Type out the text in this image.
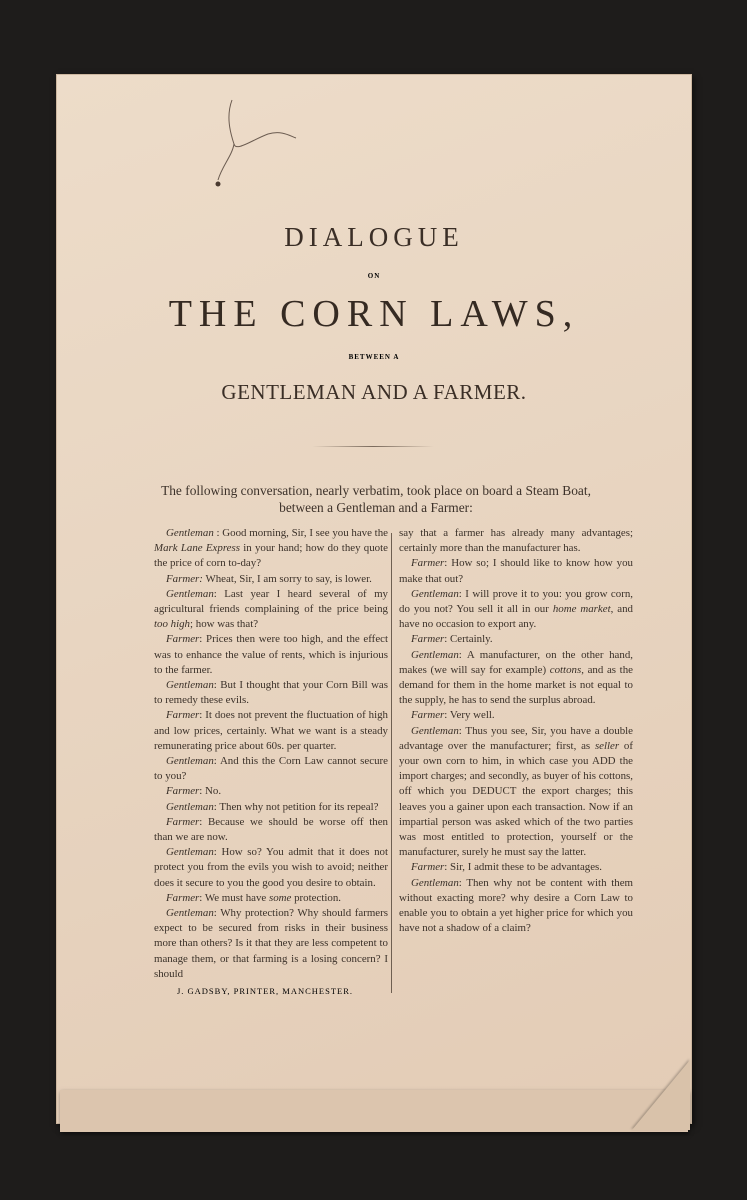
DIALOGUE
ON
THE CORN LAWS,
BETWEEN A
GENTLEMAN AND A FARMER.
The following conversation, nearly verbatim, took place on board a Steam Boat, between a Gentleman and a Farmer:

Gentleman : Good morning, Sir, I see you have the Mark Lane Express in your hand; how do they quote the price of corn to-day?

Farmer: Wheat, Sir, I am sorry to say, is lower.

Gentleman: Last year I heard several of my agricultural friends complaining of the price being too high; how was that?

Farmer: Prices then were too high, and the effect was to enhance the value of rents, which is injurious to the farmer.

Gentleman: But I thought that your Corn Bill was to remedy these evils.

Farmer: It does not prevent the fluctuation of high and low prices, certainly. What we want is a steady remunerating price about 60s. per quarter.

Gentleman: And this the Corn Law cannot secure to you?

Farmer: No.

Gentleman: Then why not petition for its repeal?

Farmer: Because we should be worse off then than we are now.

Gentleman: How so? You admit that it does not protect you from the evils you wish to avoid; neither does it secure to you the good you desire to obtain.

Farmer: We must have some protection.

Gentleman: Why protection? Why should farmers expect to be secured from risks in their business more than others? Is it that they are less competent to manage them, or that farming is a losing concern? I should

say that a farmer has already many advantages; certainly more than the manufacturer has.

Farmer: How so; I should like to know how you make that out?

Gentleman: I will prove it to you: you grow corn, do you not? You sell it all in our home market, and have no occasion to export any.

Farmer: Certainly.

Gentleman: A manufacturer, on the other hand, makes (we will say for example) cottons, and as the demand for them in the home market is not equal to the supply, he has to send the surplus abroad.

Farmer: Very well.

Gentleman: Thus you see, Sir, you have a double advantage over the manufacturer; first, as seller of your own corn to him, in which case you ADD the import charges; and secondly, as buyer of his cottons, off which you DEDUCT the export charges; this leaves you a gainer upon each transaction. Now if an impartial person was asked which of the two parties was most entitled to protection, yourself or the manufacturer, surely he must say the latter.

Farmer: Sir, I admit these to be advantages.

Gentleman: Then why not be content with them without exacting more? why desire a Corn Law to enable you to obtain a yet higher price for which you have not a shadow of a claim?

J. GADSBY, PRINTER, MANCHESTER.
